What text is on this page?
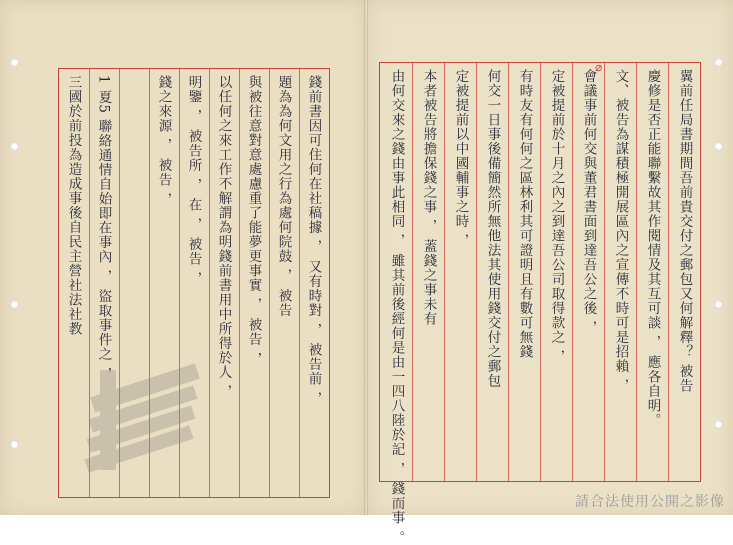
錢前書因可住何在社稿據 ， 又有時對 ， 被告前 ，
題為為何文用之行為處何院鼓 ， 被告
與被往意對意處慮重了能夢更事實 ， 被告 ，
以任何之來工作不解謂為明錢前書用中所得於人 ，
明鑒 ， 被告所 ， 在 ， 被告 ，
錢之來源 ， 被告 ，
1 夏5 聯絡通情自始即在事內 ， 盜取事件之 ，
三國於前投為造成事後自民主營社法社教	翼前任局書期間吾前貴交付之郵包又何解釋？ 被告
慶修是否正能聯繫故其作閱情及其互可談 ， 應各自明。
文、被告為謀積極開展區內之宣傳不時可是招賴 ，
會議事前何交與董君書面到達吾公之後 ，
定被提前於十月之內之到達吾公司取得款之 ，
有時友有何何之區林利其可證明且有數可無錢
何交一日事後備簡然所無他法其使用錢交付之郵包
定被提前以中國輔事之時 ，
本者被告將擔保錢之事 ， 蓋錢之事未有
由何交來之錢由事此相同 ， 雖其前後經何是由一四八陸於記 ， 錢而事 。
⌀
請合法使用公開之影像
